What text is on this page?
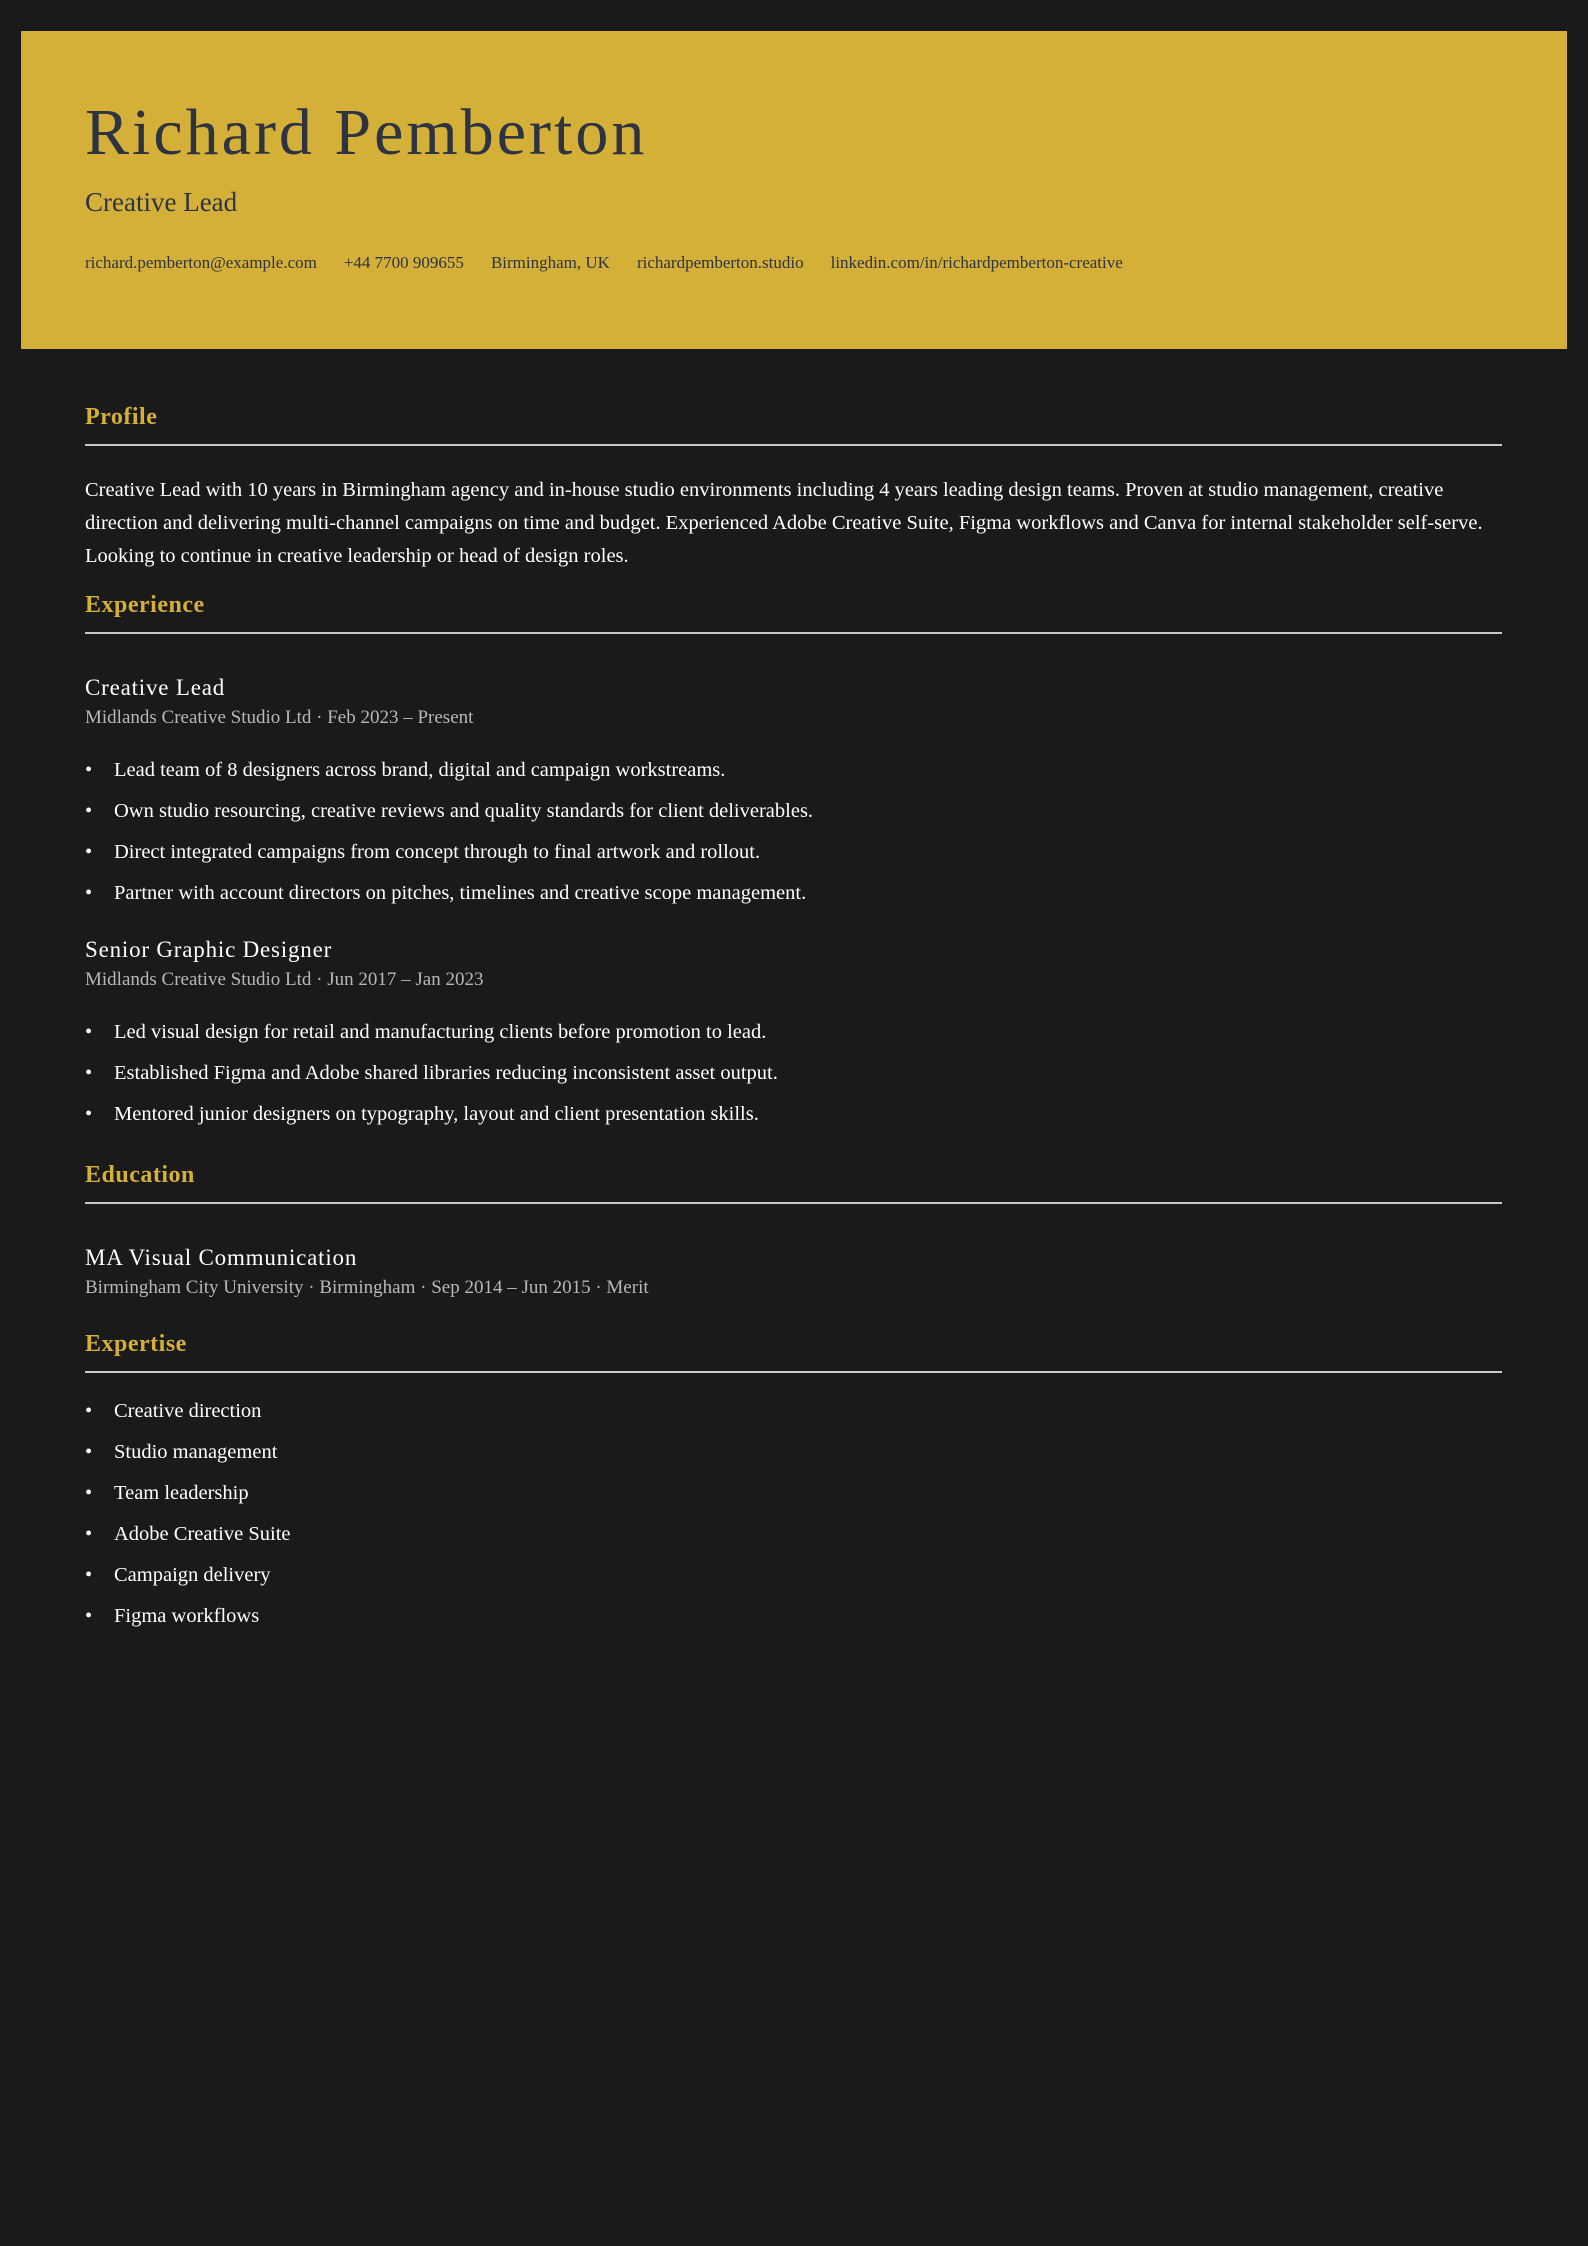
Richard Pemberton
Creative Lead
richard.pemberton@example.com +44 7700 909655 Birmingham, UK richardpemberton.studio linkedin.com/in/richardpemberton-creative
Profile

Creative Lead with 10 years in Birmingham agency and in-house studio environments including 4 years leading design teams. Proven at studio management, creative direction and delivering multi-channel campaigns on time and budget. Experienced Adobe Creative Suite, Figma workflows and Canva for internal stakeholder self-serve. Looking to continue in creative leadership or head of design roles.

Experience
Creative Lead
Midlands Creative Studio Ltd · Feb 2023 – Present
• Lead team of 8 designers across brand, digital and campaign workstreams.
• Own studio resourcing, creative reviews and quality standards for client deliverables.
• Direct integrated campaigns from concept through to final artwork and rollout.
• Partner with account directors on pitches, timelines and creative scope management.
Senior Graphic Designer
Midlands Creative Studio Ltd · Jun 2017 – Jan 2023
• Led visual design for retail and manufacturing clients before promotion to lead.
• Established Figma and Adobe shared libraries reducing inconsistent asset output.
• Mentored junior designers on typography, layout and client presentation skills.
Education
MA Visual Communication
Birmingham City University · Birmingham · Sep 2014 – Jun 2015 · Merit
Expertise
• Creative direction
• Studio management
• Team leadership
• Adobe Creative Suite
• Campaign delivery
• Figma workflows
